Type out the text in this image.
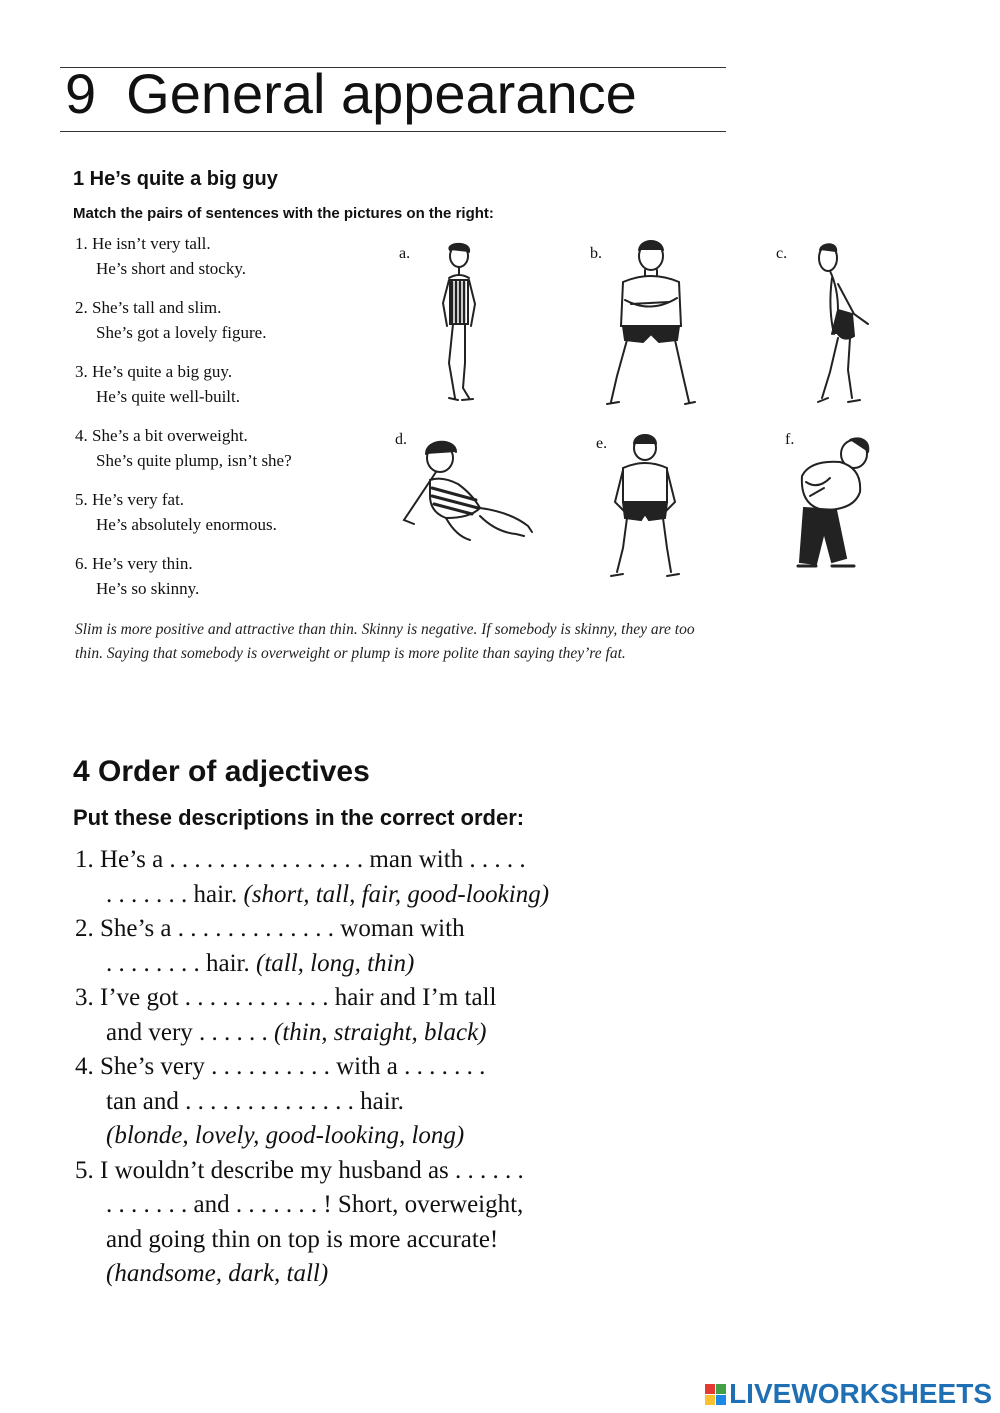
9 General appearance
1 He’s quite a big guy
Match the pairs of sentences with the pictures on the right:
1. He isn’t very tall.
He’s short and stocky.
2. She’s tall and slim.
She’s got a lovely figure.
3. He’s quite a big guy.
He’s quite well-built.
4. She’s a bit overweight.
She’s quite plump, isn’t she?
5. He’s very fat.
He’s absolutely enormous.
6. He’s very thin.
He’s so skinny.
a.	b.	c.
d.	e.	f.
Slim is more positive and attractive than thin. Skinny is negative. If somebody is skinny, they are too
thin. Saying that somebody is overweight or plump is more polite than saying they’re fat.
4 Order of adjectives
Put these descriptions in the correct order:
1. He’s a . . . . . . . . . . . . . . . . man with . . . . .
. . . . . . . hair. (short, tall, fair, good-looking)
2. She’s a . . . . . . . . . . . . . woman with
. . . . . . . . hair. (tall, long, thin)
3. I’ve got . . . . . . . . . . . . hair and I’m tall
and very . . . . . . (thin, straight, black)
4. She’s very . . . . . . . . . . with a . . . . . . .
tan and . . . . . . . . . . . . . . hair.
(blonde, lovely, good-looking, long)
5. I wouldn’t describe my husband as . . . . . .
. . . . . . . and . . . . . . . ! Short, overweight,
and going thin on top is more accurate!
(handsome, dark, tall)
LIVEWORKSHEETS
